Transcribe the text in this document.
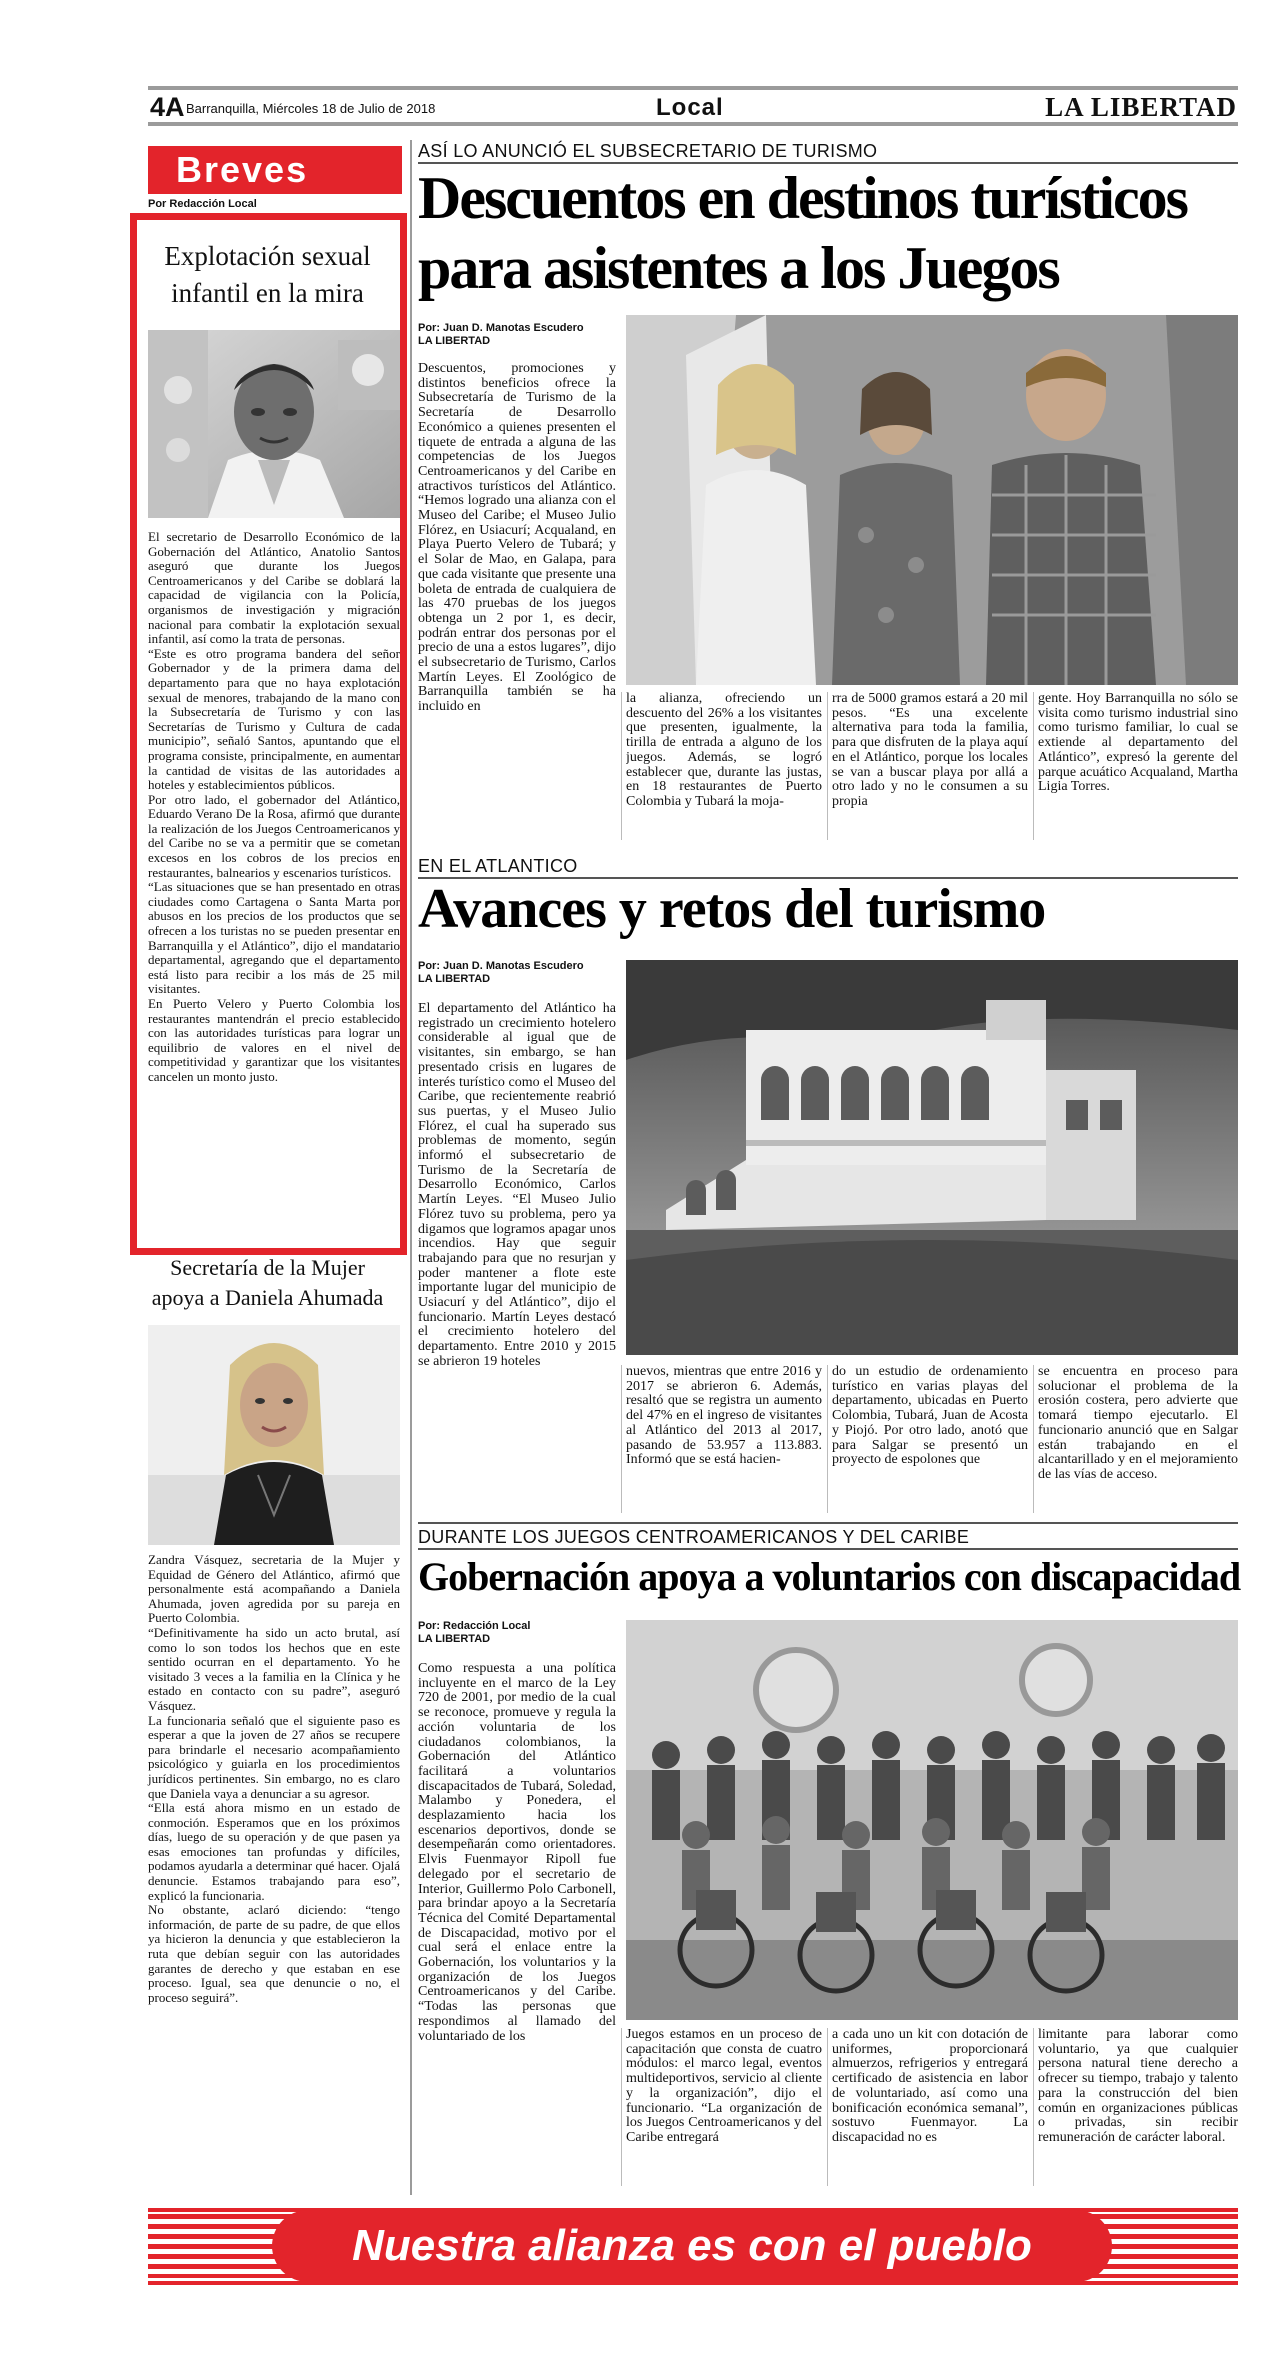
4A Barranquilla, Miércoles 18 de Julio de 2018	Local	LA LIBERTAD
Breves
Por Redacción Local
Explotación sexual
infantil en la mira

El secretario de Desarrollo Económico de la Gobernación del Atlántico, Anatolio Santos aseguró que durante los Juegos Centroamericanos y del Caribe se doblará la capacidad de vigilancia con la Policía, organismos de investigación y migración nacional para combatir la explotación sexual infantil, así como la trata de personas.

“Este es otro programa bandera del señor Gobernador y de la primera dama del departamento para que no haya explotación sexual de menores, trabajando de la mano con la Subsecretaría de Turismo y con las Secretarías de Turismo y Cultura de cada municipio”, señaló Santos, apuntando que el programa consiste, principalmente, en aumentar la cantidad de visitas de las autoridades a hoteles y establecimientos públicos.

Por otro lado, el gobernador del Atlántico, Eduardo Verano De la Rosa, afirmó que durante la realización de los Juegos Centroamericanos y del Caribe no se va a permitir que se cometan excesos en los cobros de los precios en restaurantes, balnearios y escenarios turísticos.

“Las situaciones que se han presentado en otras ciudades como Cartagena o Santa Marta por abusos en los precios de los productos que se ofrecen a los turistas no se pueden presentar en Barranquilla y el Atlántico”, dijo el mandatario departamental, agregando que el departamento está listo para recibir a los más de 25 mil visitantes.

En Puerto Velero y Puerto Colombia los restaurantes mantendrán el precio establecido con las autoridades turísticas para lograr un equilibrio de valores en el nivel de competitividad y garantizar que los visitantes cancelen un monto justo.

Secretaría de la Mujer
apoya a Daniela Ahumada

Zandra Vásquez, secretaria de la Mujer y Equidad de Género del Atlántico, afirmó que personalmente está acompañando a Daniela Ahumada, joven agredida por su pareja en Puerto Colombia.

“Definitivamente ha sido un acto brutal, así como lo son todos los hechos que en este sentido ocurran en el departamento. Yo he visitado 3 veces a la familia en la Clínica y he estado en contacto con su padre”, aseguró Vásquez.

La funcionaria señaló que el siguiente paso es esperar a que la joven de 27 años se recupere para brindarle el necesario acompañamiento psicológico y guiarla en los procedimientos jurídicos pertinentes. Sin embargo, no es claro que Daniela vaya a denunciar a su agresor.

“Ella está ahora mismo en un estado de conmoción. Esperamos que en los próximos días, luego de su operación y de que pasen ya esas emociones tan profundas y difíciles, podamos ayudarla a determinar qué hacer. Ojalá denuncie. Estamos trabajando para eso”, explicó la funcionaria.

No obstante, aclaró diciendo: “tengo información, de parte de su padre, de que ellos ya hicieron la denuncia y que establecieron la ruta que debían seguir con las autoridades garantes de derecho y que estaban en ese proceso. Igual, sea que denuncie o no, el proceso seguirá”.

ASÍ LO ANUNCIÓ EL SUBSECRETARIO DE TURISMO
Descuentos en destinos turísticos
para asistentes a los Juegos
Por: Juan D. Manotas Escudero
LA LIBERTAD
Descuentos, promociones y distintos beneficios ofrece la Subsecretaría de Turismo de la Secretaría de Desarrollo Económico a quienes presenten el tiquete de entrada a alguna de las competencias de los Juegos Centroamericanos y del Caribe en atractivos turísticos del Atlántico. “Hemos logrado una alianza con el Museo del Caribe; el Museo Julio Flórez, en Usiacurí; Acqualand, en Playa Puerto Velero de Tubará; y el Solar de Mao, en Galapa, para que cada visitante que presente una boleta de entrada de cualquiera de las 470 pruebas de los juegos obtenga un 2 por 1, es decir, podrán entrar dos personas por el precio de una a estos lugares”, dijo el subsecretario de Turismo, Carlos Martín Leyes. El Zoológico de Barranquilla también se ha incluido en
la alianza, ofreciendo un descuento del 26% a los visitantes que presenten, igualmente, la tirilla de entrada a alguno de los juegos. Además, se logró establecer que, durante las justas, en 18 restaurantes de Puerto Colombia y Tubará la moja-
rra de 5000 gramos estará a 20 mil pesos. “Es una excelente alternativa para toda la familia, para que disfruten de la playa aquí en el Atlántico, porque los locales se van a buscar playa por allá a otro lado y no le consumen a su propia
gente. Hoy Barranquilla no sólo se visita como turismo industrial sino como turismo familiar, lo cual se extiende al departamento del Atlántico”, expresó la gerente del parque acuático Acqualand, Martha Ligia Torres.
EN EL ATLANTICO
Avances y retos del turismo
Por: Juan D. Manotas Escudero
LA LIBERTAD
El departamento del Atlántico ha registrado un crecimiento hotelero considerable al igual que de visitantes, sin embargo, se han presentado crisis en lugares de interés turístico como el Museo del Caribe, que recientemente reabrió sus puertas, y el Museo Julio Flórez, el cual ha superado sus problemas de momento, según informó el subsecretario de Turismo de la Secretaría de Desarrollo Económico, Carlos Martín Leyes. “El Museo Julio Flórez tuvo su problema, pero ya digamos que logramos apagar unos incendios. Hay que seguir trabajando para que no resurjan y poder mantener a flote este importante lugar del municipio de Usiacurí y del Atlántico”, dijo el funcionario. Martín Leyes destacó el crecimiento hotelero del departamento. Entre 2010 y 2015 se abrieron 19 hoteles
nuevos, mientras que entre 2016 y 2017 se abrieron 6. Además, resaltó que se registra un aumento del 47% en el ingreso de visitantes al Atlántico del 2013 al 2017, pasando de 53.957 a 113.883. Informó que se está hacien-
do un estudio de ordenamiento turístico en varias playas del departamento, ubicadas en Puerto Colombia, Tubará, Juan de Acosta y Piojó. Por otro lado, anotó que para Salgar se presentó un proyecto de espolones que
se encuentra en proceso para solucionar el problema de la erosión costera, pero advierte que tomará tiempo ejecutarlo. El funcionario anunció que en Salgar están trabajando en el alcantarillado y en el mejoramiento de las vías de acceso.
DURANTE LOS JUEGOS CENTROAMERICANOS Y DEL CARIBE
Gobernación apoya a voluntarios con discapacidad
Por: Redacción Local
LA LIBERTAD
Como respuesta a una política incluyente en el marco de la Ley 720 de 2001, por medio de la cual se reconoce, promueve y regula la acción voluntaria de los ciudadanos colombianos, la Gobernación del Atlántico facilitará a voluntarios discapacitados de Tubará, Soledad, Malambo y Ponedera, el desplazamiento hacia los escenarios deportivos, donde se desempeñarán como orientadores. Elvis Fuenmayor Ripoll fue delegado por el secretario de Interior, Guillermo Polo Carbonell, para brindar apoyo a la Secretaría Técnica del Comité Departamental de Discapacidad, motivo por el cual será el enlace entre la Gobernación, los voluntarios y la organización de los Juegos Centroamericanos y del Caribe. “Todas las personas que respondimos al llamado del voluntariado de los	Juegos estamos en un proceso de capacitación que consta de cuatro módulos: el marco legal, eventos multideportivos, servicio al cliente y la organización”, dijo el funcionario. “La organización de los Juegos Centroamericanos y del Caribe entregará
a cada uno un kit con dotación de uniformes, proporcionará almuerzos, refrigerios y entregará certificado de asistencia en labor de voluntariado, así como una bonificación económica semanal”, sostuvo Fuenmayor. La discapacidad no es
limitante para laborar como voluntario, ya que cualquier persona natural tiene derecho a ofrecer su tiempo, trabajo y talento para la construcción del bien común en organizaciones públicas o privadas, sin recibir remuneración de carácter laboral.
Nuestra alianza es con el pueblo
